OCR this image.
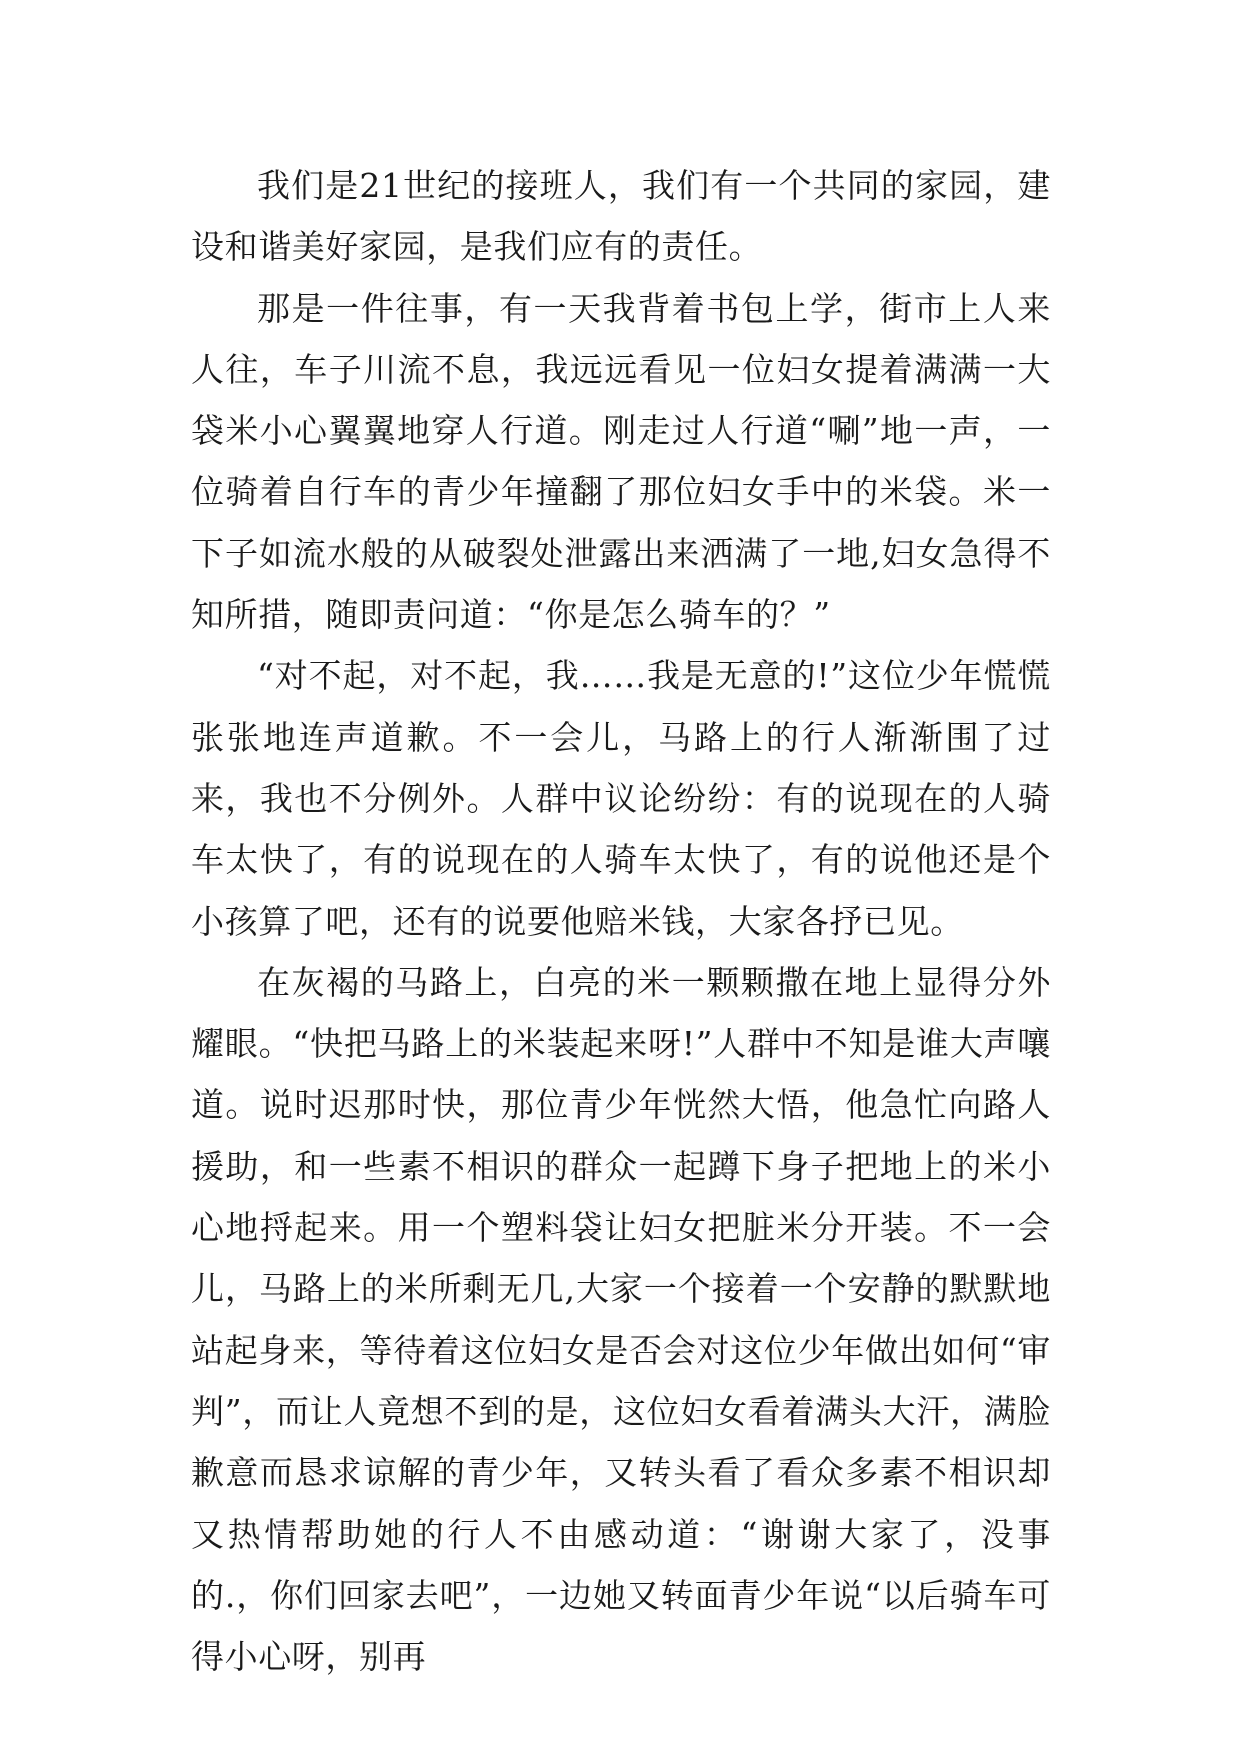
我们是21世纪的接班人，我们有一个共同的家园，建设和谐美好家园，是我们应有的责任。

那是一件往事，有一天我背着书包上学，街市上人来人往，车子川流不息，我远远看见一位妇女提着满满一大袋米小心翼翼地穿人行道。刚走过人行道“唰”地一声，一位骑着自行车的青少年撞翻了那位妇女手中的米袋。米一下子如流水般的从破裂处泄露出来洒满了一地,妇女急得不知所措，随即责问道：“你是怎么骑车的？”

“对不起，对不起，我……我是无意的!”这位少年慌慌张张地连声道歉。不一会儿，马路上的行人渐渐围了过来，我也不分例外。人群中议论纷纷：有的说现在的人骑车太快了，有的说现在的人骑车太快了，有的说他还是个小孩算了吧，还有的说要他赔米钱，大家各抒已见。

在灰褐的马路上，白亮的米一颗颗撒在地上显得分外耀眼。“快把马路上的米装起来呀!”人群中不知是谁大声嚷道。说时迟那时快，那位青少年恍然大悟，他急忙向路人援助，和一些素不相识的群众一起蹲下身子把地上的米小心地捋起来。用一个塑料袋让妇女把脏米分开装。不一会儿，马路上的米所剩无几,大家一个接着一个安静的默默地站起身来，等待着这位妇女是否会对这位少年做出如何“审判”，而让人竟想不到的是，这位妇女看着满头大汗，满脸歉意而恳求谅解的青少年，又转头看了看众多素不相识却又热情帮助她的行人不由感动道：“谢谢大家了，没事的.，你们回家去吧”，一边她又转面青少年说“以后骑车可得小心呀，别再
